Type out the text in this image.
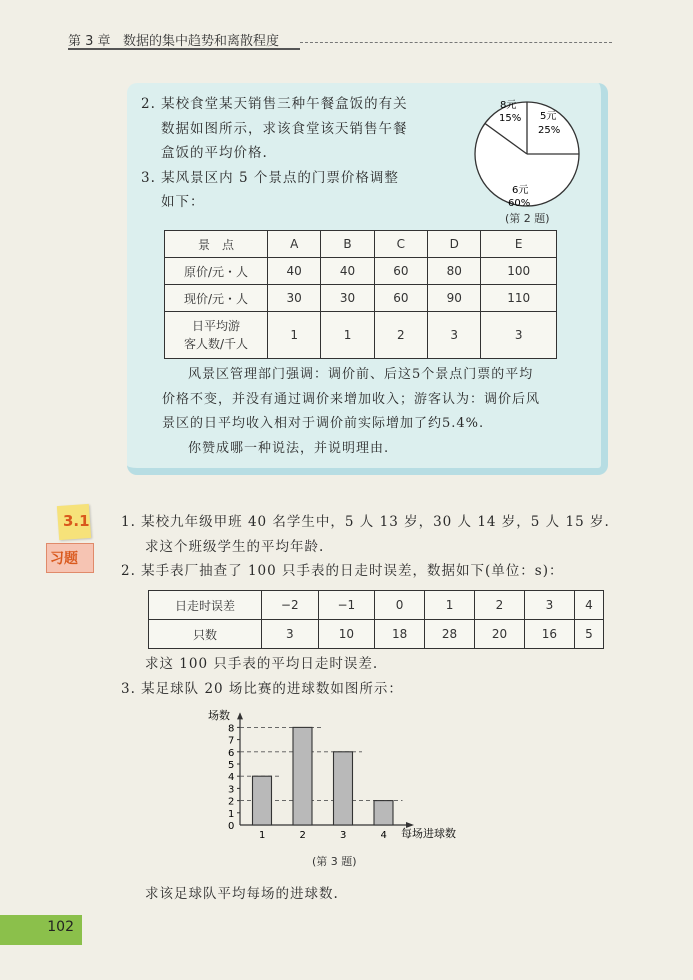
第 3 章 数据的集中趋势和离散程度
2. 某校食堂某天销售三种午餐盒饭的有关
数据如图所示，求该食堂该天销售午餐
盒饭的平均价格.
3. 某风景区内 5 个景点的门票价格调整
如下：
6元
60%
8元
15% 5元
25%
(第 2 题)
景　点	A	B	C	D	E
原价/元・人	40	40	60	80	100
现价/元・人	30	30	60	90	110
日平均游
客人数/千人	1	1	2	3	3
风景区管理部门强调：调价前、后这5个景点门票的平均
价格不变，并没有通过调价来增加收入；游客认为：调价后风
景区的日平均收入相对于调价前实际增加了约5.4%.
你赞成哪一种说法，并说明理由.
3.1
习题
1. 某校九年级甲班 40 名学生中，5 人 13 岁，30 人 14 岁，5 人 15 岁.
求这个班级学生的平均年龄.
2. 某手表厂抽查了 100 只手表的日走时误差，数据如下(单位：s)：
日走时误差	−2	−1	0	1	2	3	4
只数	3	10	18	28	20	16	5
求这 100 只手表的平均日走时误差.
3. 某足球队 20 场比赛的进球数如图所示：
场数
每场进球数
0
1
2
3
4
5
6
7
8
1	2	3	4
(第 3 题)
求该足球队平均每场的进球数.
102
